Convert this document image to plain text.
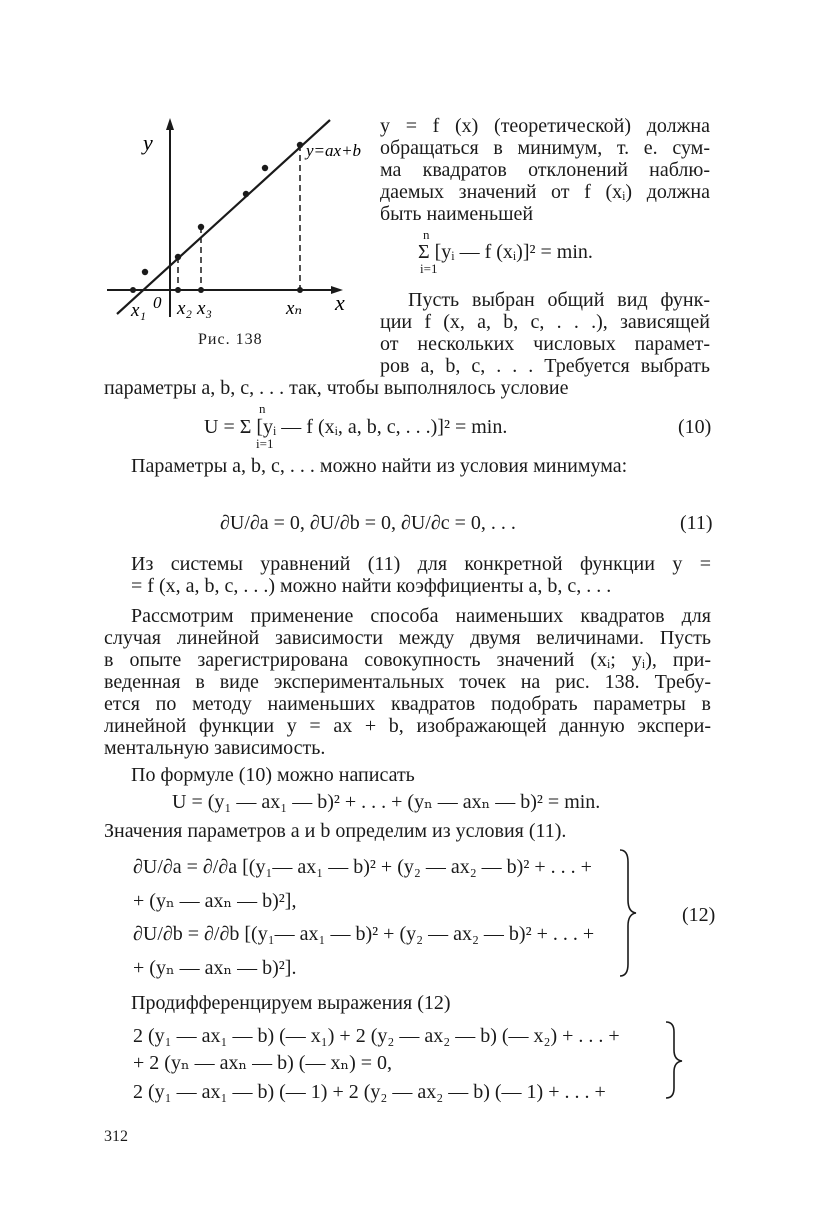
y
x
0
x₁ x₂ x₃	xₙ
y=ax+b
Рис. 138
y = f (x) (теоретической) должна
обращаться в минимум, т. е. сум-
ма квадратов отклонений наблю-
даемых значений от f (xᵢ) должна
быть наименьшей
n
Σ [yᵢ — f (xᵢ)]² = min.
i=1
Пусть выбран общий вид функ-
ции f (x, a, b, c, . . .), зависящей
от нескольких числовых парамет-
ров a, b, c, . . . Требуется выбрать
параметры a, b, c, . . . так, чтобы выполнялось условие
n
U = Σ [yᵢ — f (xᵢ, a, b, c, . . .)]² = min.
i=1
(10)
Параметры a, b, c, . . . можно найти из условия минимума:
∂U/∂a = 0, ∂U/∂b = 0, ∂U/∂c = 0, . . .	(11)
Из системы уравнений (11) для конкретной функции y =
= f (x, a, b, c, . . .) можно найти коэффициенты a, b, c, . . .
Рассмотрим применение способа наименьших квадратов для
случая линейной зависимости между двумя величинами. Пусть
в опыте зарегистрирована совокупность значений (xᵢ; yᵢ), при-
веденная в виде экспериментальных точек на рис. 138. Требу-
ется по методу наименьших квадратов подобрать параметры в
линейной функции y = ax + b, изображающей данную экспери-
ментальную зависимость.
По формуле (10) можно написать
U = (y₁ — ax₁ — b)² + . . . + (yₙ — axₙ — b)² = min.
Значения параметров a и b определим из условия (11).
∂U/∂a = ∂/∂a [(y₁— ax₁ — b)² + (y₂ — ax₂ — b)² + . . . +
+ (yₙ — axₙ — b)²],
∂U/∂b = ∂/∂b [(y₁— ax₁ — b)² + (y₂ — ax₂ — b)² + . . . +
+ (yₙ — axₙ — b)²].
(12)
Продифференцируем выражения (12)
2 (y₁ — ax₁ — b) (— x₁) + 2 (y₂ — ax₂ — b) (— x₂) + . . . +
+ 2 (yₙ — axₙ — b) (— xₙ) = 0,
2 (y₁ — ax₁ — b) (— 1) + 2 (y₂ — ax₂ — b) (— 1) + . . . +
312
